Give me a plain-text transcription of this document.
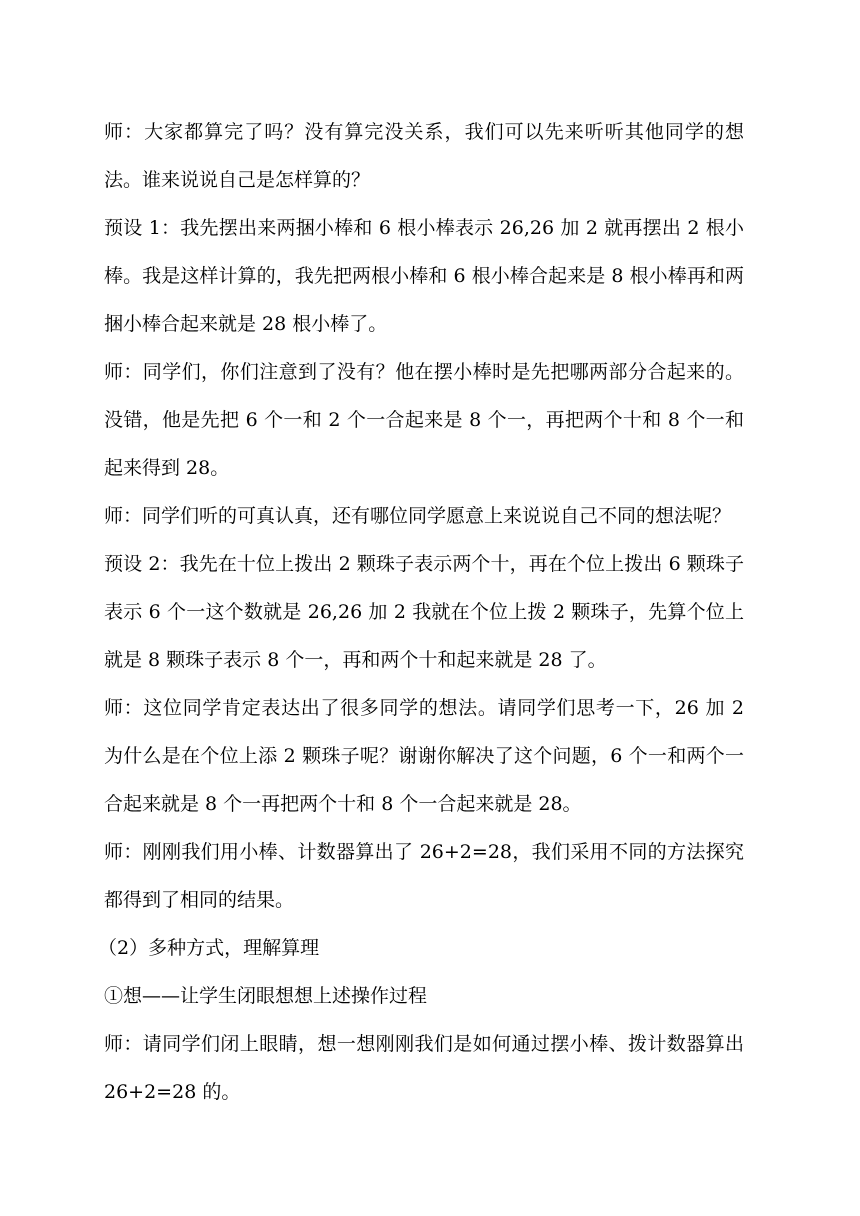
师：大家都算完了吗？没有算完没关系，我们可以先来听听其他同学的想法。谁来说说自己是怎样算的？

预设 1：我先摆出来两捆小棒和 6 根小棒表示 26,26 加 2 就再摆出 2 根小棒。我是这样计算的，我先把两根小棒和 6 根小棒合起来是 8 根小棒再和两捆小棒合起来就是 28 根小棒了。

师：同学们，你们注意到了没有？他在摆小棒时是先把哪两部分合起来的。没错，他是先把 6 个一和 2 个一合起来是 8 个一，再把两个十和 8 个一和起来得到 28。

师：同学们听的可真认真，还有哪位同学愿意上来说说自己不同的想法呢？

预设 2：我先在十位上拨出 2 颗珠子表示两个十，再在个位上拨出 6 颗珠子表示 6 个一这个数就是 26,26 加 2 我就在个位上拨 2 颗珠子，先算个位上就是 8 颗珠子表示 8 个一，再和两个十和起来就是 28 了。

师：这位同学肯定表达出了很多同学的想法。请同学们思考一下，26 加 2 为什么是在个位上添 2 颗珠子呢？谢谢你解决了这个问题，6 个一和两个一合起来就是 8 个一再把两个十和 8 个一合起来就是 28。

师：刚刚我们用小棒、计数器算出了 26+2=28，我们采用不同的方法探究都得到了相同的结果。

（2）多种方式，理解算理

①想——让学生闭眼想想上述操作过程

师：请同学们闭上眼睛，想一想刚刚我们是如何通过摆小棒、拨计数器算出 26+2=28 的。
